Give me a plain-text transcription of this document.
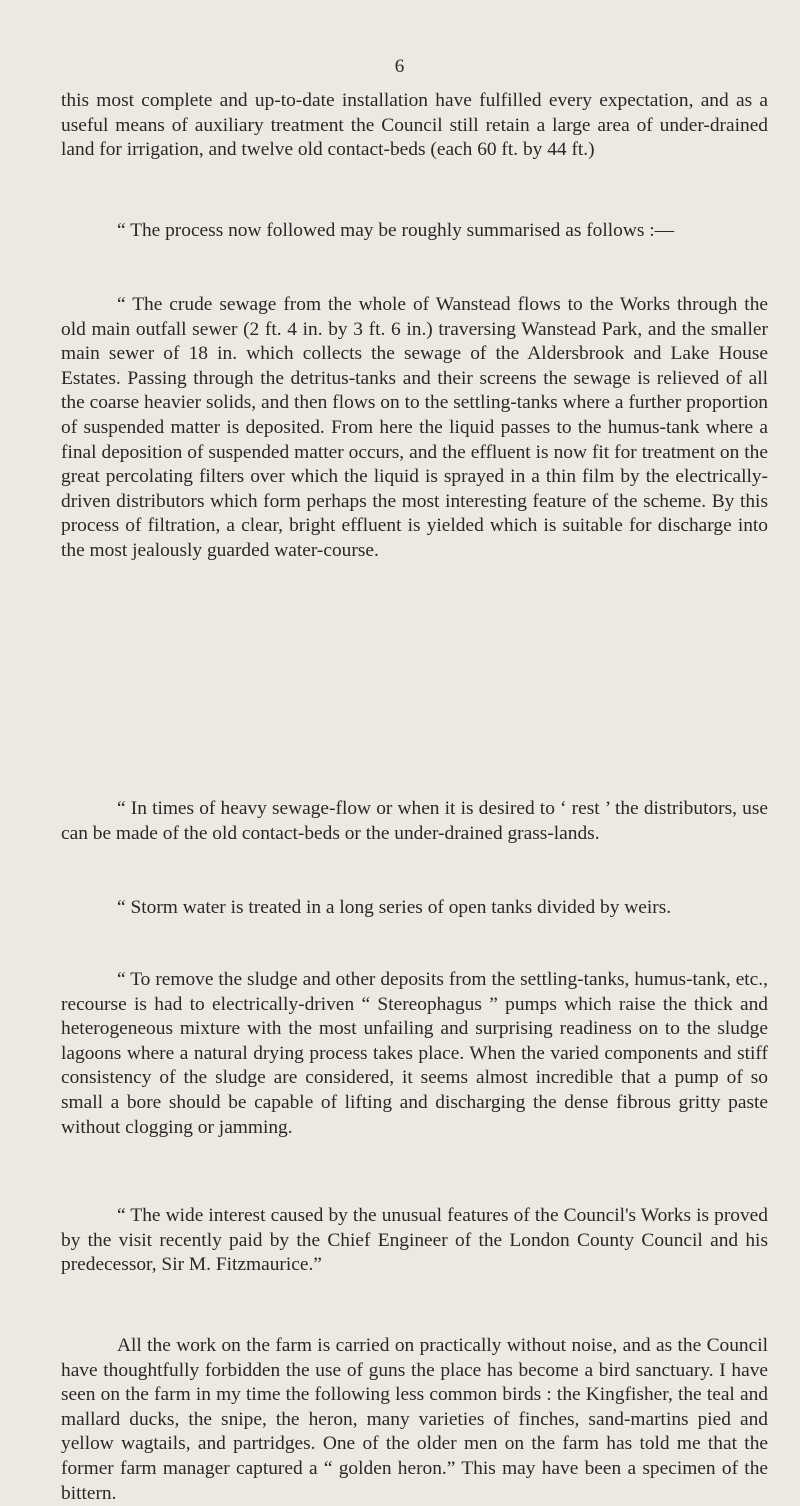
6

this most complete and up-to-date installation have fulfilled every expectation, and as a useful means of auxiliary treatment the Council still retain a large area of under-drained land for irrigation, and twelve old contact-beds (each 60 ft. by 44 ft.)

“ The process now followed may be roughly summarised as follows :—

“ The crude sewage from the whole of Wanstead flows to the Works through the old main outfall sewer (2 ft. 4 in. by 3 ft. 6 in.) traversing Wanstead Park, and the smaller main sewer of 18 in. which collects the sewage of the Aldersbrook and Lake House Estates. Passing through the detritus-tanks and their screens the sewage is relieved of all the coarse heavier solids, and then flows on to the settling-tanks where a further proportion of suspended matter is deposited. From here the liquid passes to the humus-tank where a final deposition of suspended matter occurs, and the effluent is now fit for treatment on the great percolating filters over which the liquid is sprayed in a thin film by the electrically-driven distributors which form perhaps the most interesting feature of the scheme. By this process of filtration, a clear, bright effluent is yielded which is suitable for discharge into the most jealously guarded water-course.

“ In times of heavy sewage-flow or when it is desired to ‘ rest ’ the distributors, use can be made of the old contact-beds or the under-drained grass-lands.

“ Storm water is treated in a long series of open tanks divided by weirs.

“ To remove the sludge and other deposits from the settling-tanks, humus-tank, etc., recourse is had to electrically-driven “ Stereophagus ” pumps which raise the thick and heterogeneous mixture with the most unfailing and surprising readiness on to the sludge lagoons where a natural drying process takes place. When the varied components and stiff consistency of the sludge are considered, it seems almost incredible that a pump of so small a bore should be capable of lifting and discharging the dense fibrous gritty paste without clogging or jamming.

“ The wide interest caused by the unusual features of the Council's Works is proved by the visit recently paid by the Chief Engineer of the London County Council and his predecessor, Sir M. Fitzmaurice.”

All the work on the farm is carried on practically without noise, and as the Council have thoughtfully forbidden the use of guns the place has become a bird sanctuary. I have seen on the farm in my time the following less common birds : the Kingfisher, the teal and mallard ducks, the snipe, the heron, many varieties of finches, sand-martins pied and yellow wagtails, and partridges. One of the older men on the farm has told me that the former farm manager captured a “ golden heron.” This may have been a specimen of the bittern.
